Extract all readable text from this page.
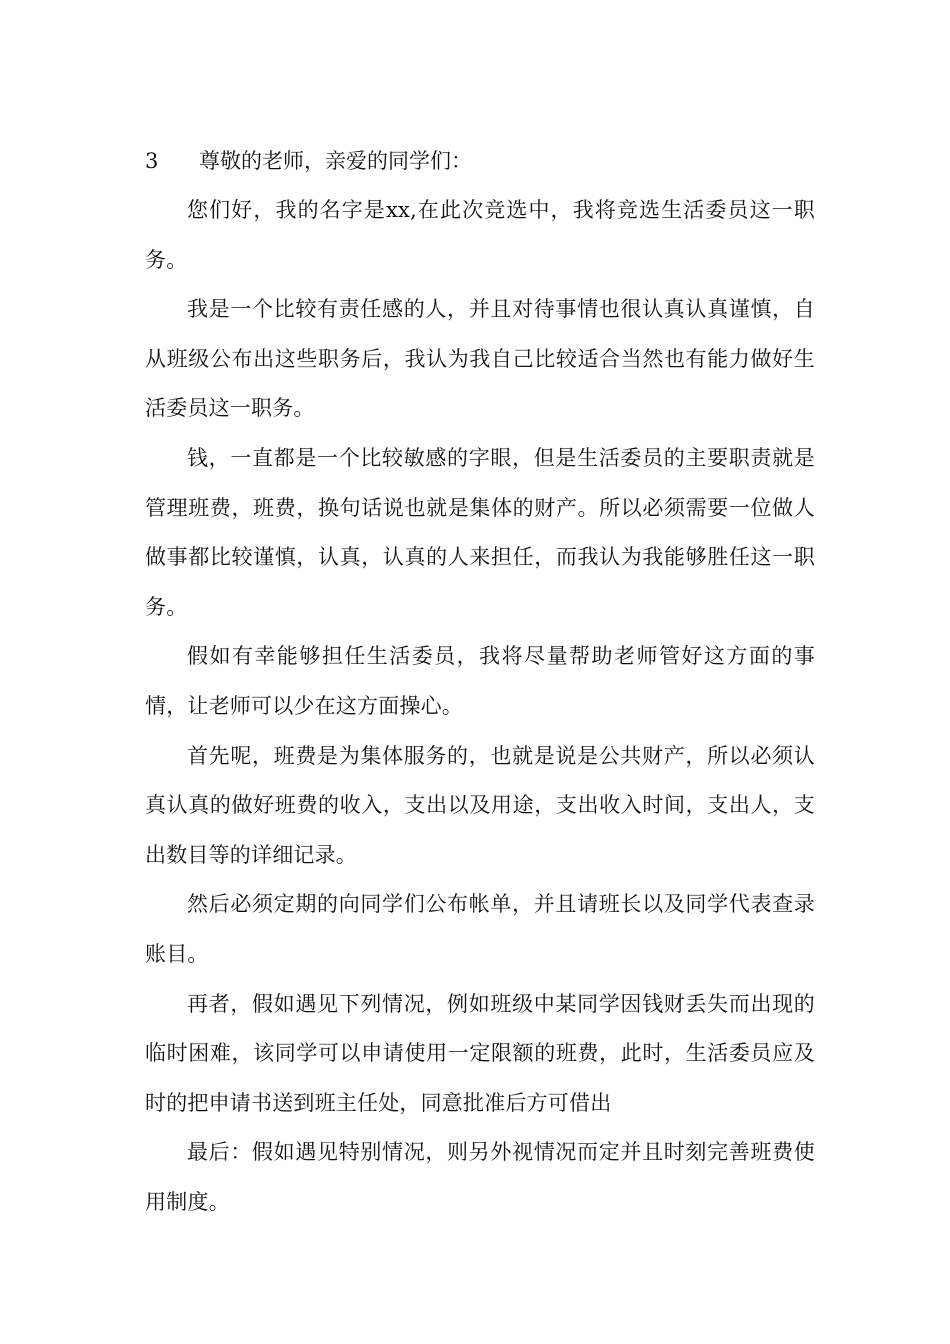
3 尊敬的老师，亲爱的同学们：

您们好，我的名字是xx,在此次竞选中，我将竞选生活委员这一职务。

我是一个比较有责任感的人，并且对待事情也很认真认真谨慎，自从班级公布出这些职务后，我认为我自己比较适合当然也有能力做好生活委员这一职务。

钱，一直都是一个比较敏感的字眼，但是生活委员的主要职责就是管理班费，班费，换句话说也就是集体的财产。所以必须需要一位做人做事都比较谨慎，认真，认真的人来担任，而我认为我能够胜任这一职务。

假如有幸能够担任生活委员，我将尽量帮助老师管好这方面的事情，让老师可以少在这方面操心。

首先呢，班费是为集体服务的，也就是说是公共财产，所以必须认真认真的做好班费的收入，支出以及用途，支出收入时间，支出人，支出数目等的详细记录。

然后必须定期的向同学们公布帐单，并且请班长以及同学代表查录账目。

再者，假如遇见下列情况，例如班级中某同学因钱财丢失而出现的临时困难，该同学可以申请使用一定限额的班费，此时，生活委员应及时的把申请书送到班主任处，同意批准后方可借出

最后：假如遇见特别情况，则另外视情况而定并且时刻完善班费使用制度。
